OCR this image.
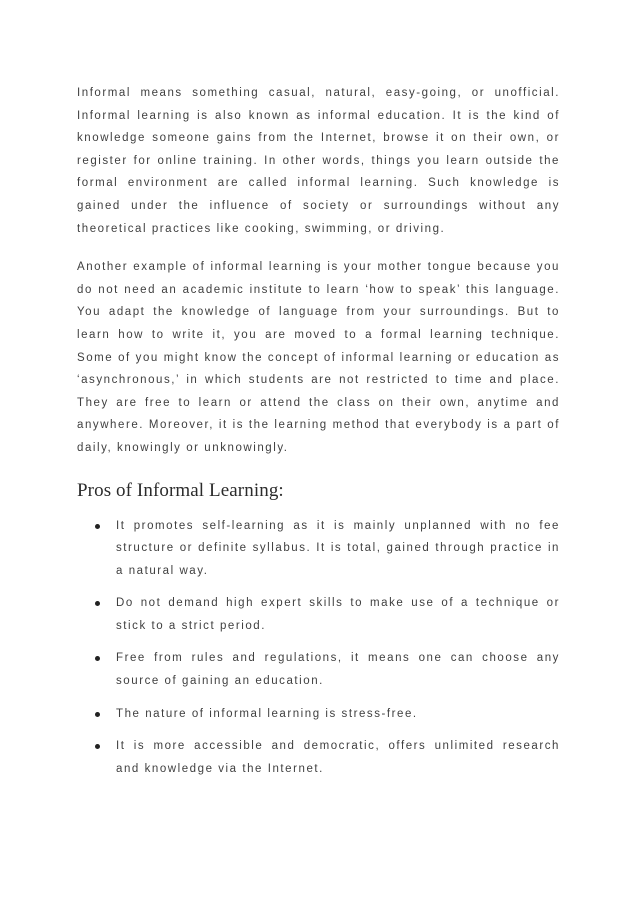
Informal means something casual, natural, easy-going, or unofficial. Informal learning is also known as informal education. It is the kind of knowledge someone gains from the Internet, browse it on their own, or register for online training. In other words, things you learn outside the formal environment are called informal learning. Such knowledge is gained under the influence of society or surroundings without any theoretical practices like cooking, swimming, or driving.

Another example of informal learning is your mother tongue because you do not need an academic institute to learn ‘how to speak’ this language. You adapt the knowledge of language from your surroundings. But to learn how to write it, you are moved to a formal learning technique. Some of you might know the concept of informal learning or education as ‘asynchronous,’ in which students are not restricted to time and place. They are free to learn or attend the class on their own, anytime and anywhere. Moreover, it is the learning method that everybody is a part of daily, knowingly or unknowingly.

Pros of Informal Learning:
It promotes self-learning as it is mainly unplanned with no fee structure or definite syllabus. It is total, gained through practice in a natural way.
Do not demand high expert skills to make use of a technique or stick to a strict period.
Free from rules and regulations, it means one can choose any source of gaining an education.
The nature of informal learning is stress-free.
It is more accessible and democratic, offers unlimited research and knowledge via the Internet.
